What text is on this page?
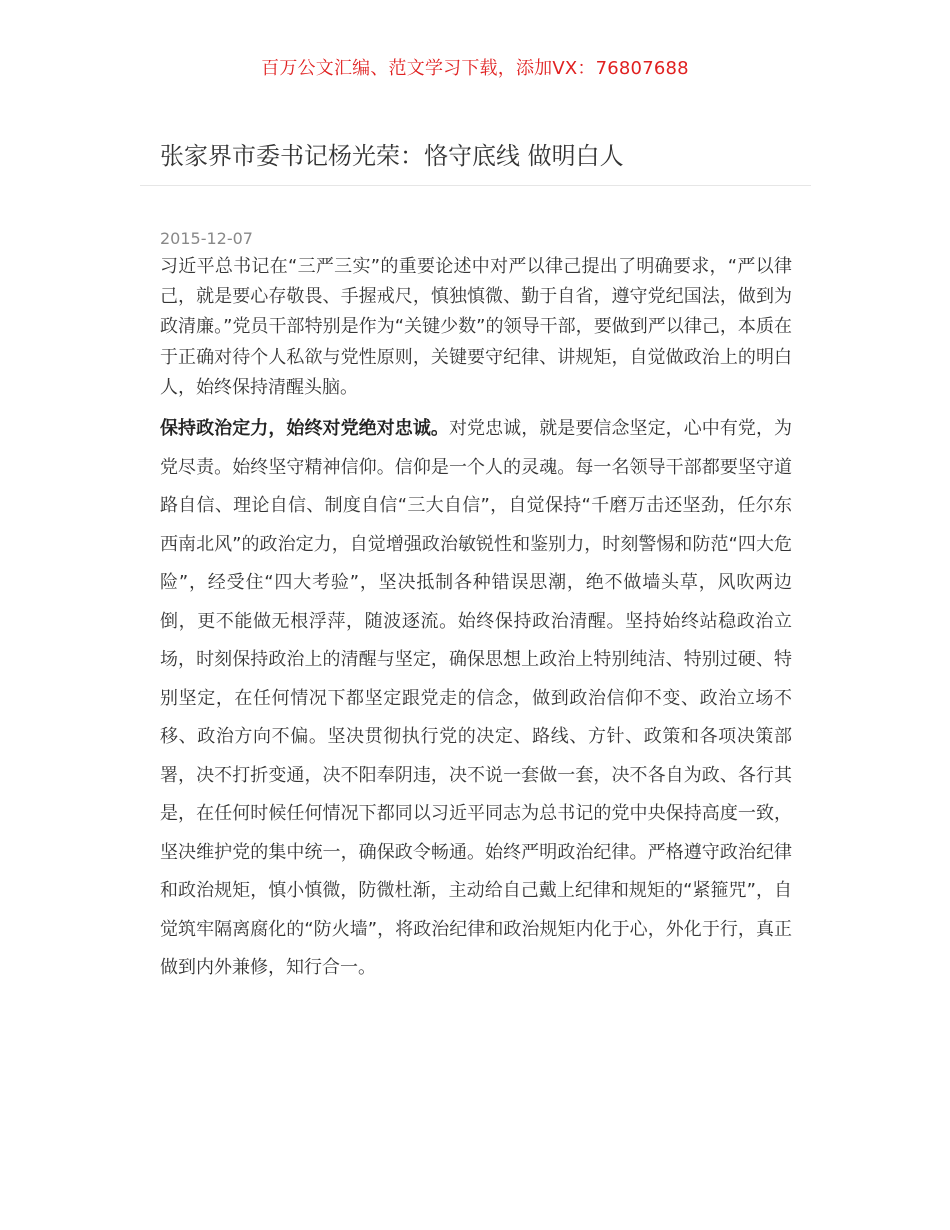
百万公文汇编、范文学习下载，添加VX：76807688
张家界市委书记杨光荣：恪守底线 做明白人
2015-12-07

习近平总书记在“三严三实”的重要论述中对严以律己提出了明确要求，“严以律己，就是要心存敬畏、手握戒尺，慎独慎微、勤于自省，遵守党纪国法，做到为政清廉。”党员干部特别是作为“关键少数”的领导干部，要做到严以律己，本质在于正确对待个人私欲与党性原则，关键要守纪律、讲规矩，自觉做政治上的明白人，始终保持清醒头脑。

保持政治定力，始终对党绝对忠诚。对党忠诚，就是要信念坚定，心中有党，为党尽责。始终坚守精神信仰。信仰是一个人的灵魂。每一名领导干部都要坚守道路自信、理论自信、制度自信“三大自信”，自觉保持“千磨万击还坚劲，任尔东西南北风”的政治定力，自觉增强政治敏锐性和鉴别力，时刻警惕和防范“四大危险”，经受住“四大考验”，坚决抵制各种错误思潮，绝不做墙头草，风吹两边倒，更不能做无根浮萍，随波逐流。始终保持政治清醒。坚持始终站稳政治立场，时刻保持政治上的清醒与坚定，确保思想上政治上特别纯洁、特别过硬、特别坚定，在任何情况下都坚定跟党走的信念，做到政治信仰不变、政治立场不移、政治方向不偏。坚决贯彻执行党的决定、路线、方针、政策和各项决策部署，决不打折变通，决不阳奉阴违，决不说一套做一套，决不各自为政、各行其是，在任何时候任何情况下都同以习近平同志为总书记的党中央保持高度一致，坚决维护党的集中统一，确保政令畅通。始终严明政治纪律。严格遵守政治纪律和政治规矩，慎小慎微，防微杜渐，主动给自己戴上纪律和规矩的“紧箍咒”，自觉筑牢隔离腐化的“防火墙”，将政治纪律和政治规矩内化于心，外化于行，真正做到内外兼修，知行合一。
